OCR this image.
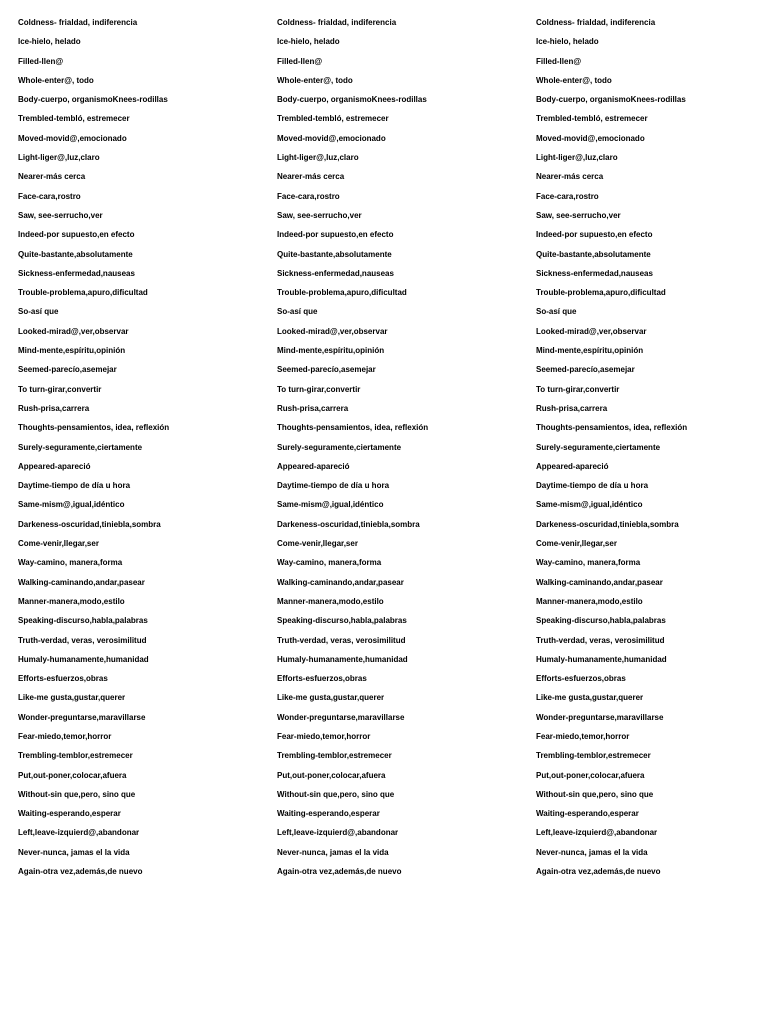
Coldness- frialdad, indiferencia
Ice-hielo, helado
Filled-llen@
Whole-enter@, todo
Body-cuerpo, organismoKnees-rodillas
Trembled-tembló, estremecer
Moved-movid@,emocionado
Light-liger@,luz,claro
Nearer-más cerca
Face-cara,rostro
Saw, see-serrucho,ver
Indeed-por supuesto,en efecto
Quite-bastante,absolutamente
Sickness-enfermedad,nauseas
Trouble-problema,apuro,dificultad
So-así que
Looked-mirad@,ver,observar
Mind-mente,espíritu,opinión
Seemed-parecío,asemejar
To turn-girar,convertir
Rush-prisa,carrera
Thoughts-pensamientos, idea, reflexión
Surely-seguramente,ciertamente
Appeared-apareció
Daytime-tiempo de día u hora
Same-mism@,igual,idéntico
Darkeness-oscuridad,tiniebla,sombra
Come-venir,llegar,ser
Way-camino, manera,forma
Walking-caminando,andar,pasear
Manner-manera,modo,estilo
Speaking-discurso,habla,palabras
Truth-verdad, veras, verosimilitud
Humaly-humanamente,humanidad
Efforts-esfuerzos,obras
Like-me gusta,gustar,querer
Wonder-preguntarse,maravillarse
Fear-miedo,temor,horror
Trembling-temblor,estremecer
Put,out-poner,colocar,afuera
Without-sin que,pero, sino que
Waiting-esperando,esperar
Left,leave-izquierd@,abandonar
Never-nunca, jamas el la vida
Again-otra vez,además,de nuevo
Coldness- frialdad, indiferencia
Ice-hielo, helado
Filled-llen@
Whole-enter@, todo
Body-cuerpo, organismoKnees-rodillas
Trembled-tembló, estremecer
Moved-movid@,emocionado
Light-liger@,luz,claro
Nearer-más cerca
Face-cara,rostro
Saw, see-serrucho,ver
Indeed-por supuesto,en efecto
Quite-bastante,absolutamente
Sickness-enfermedad,nauseas
Trouble-problema,apuro,dificultad
So-así que
Looked-mirad@,ver,observar
Mind-mente,espíritu,opinión
Seemed-parecío,asemejar
To turn-girar,convertir
Rush-prisa,carrera
Thoughts-pensamientos, idea, reflexión
Surely-seguramente,ciertamente
Appeared-apareció
Daytime-tiempo de día u hora
Same-mism@,igual,idéntico
Darkeness-oscuridad,tiniebla,sombra
Come-venir,llegar,ser
Way-camino, manera,forma
Walking-caminando,andar,pasear
Manner-manera,modo,estilo
Speaking-discurso,habla,palabras
Truth-verdad, veras, verosimilitud
Humaly-humanamente,humanidad
Efforts-esfuerzos,obras
Like-me gusta,gustar,querer
Wonder-preguntarse,maravillarse
Fear-miedo,temor,horror
Trembling-temblor,estremecer
Put,out-poner,colocar,afuera
Without-sin que,pero, sino que
Waiting-esperando,esperar
Left,leave-izquierd@,abandonar
Never-nunca, jamas el la vida
Again-otra vez,además,de nuevo
Coldness- frialdad, indiferencia
Ice-hielo, helado
Filled-llen@
Whole-enter@, todo
Body-cuerpo, organismoKnees-rodillas
Trembled-tembló, estremecer
Moved-movid@,emocionado
Light-liger@,luz,claro
Nearer-más cerca
Face-cara,rostro
Saw, see-serrucho,ver
Indeed-por supuesto,en efecto
Quite-bastante,absolutamente
Sickness-enfermedad,nauseas
Trouble-problema,apuro,dificultad
So-así que
Looked-mirad@,ver,observar
Mind-mente,espíritu,opinión
Seemed-parecío,asemejar
To turn-girar,convertir
Rush-prisa,carrera
Thoughts-pensamientos, idea, reflexión
Surely-seguramente,ciertamente
Appeared-apareció
Daytime-tiempo de día u hora
Same-mism@,igual,idéntico
Darkeness-oscuridad,tiniebla,sombra
Come-venir,llegar,ser
Way-camino, manera,forma
Walking-caminando,andar,pasear
Manner-manera,modo,estilo
Speaking-discurso,habla,palabras
Truth-verdad, veras, verosimilitud
Humaly-humanamente,humanidad
Efforts-esfuerzos,obras
Like-me gusta,gustar,querer
Wonder-preguntarse,maravillarse
Fear-miedo,temor,horror
Trembling-temblor,estremecer
Put,out-poner,colocar,afuera
Without-sin que,pero, sino que
Waiting-esperando,esperar
Left,leave-izquierd@,abandonar
Never-nunca, jamas el la vida
Again-otra vez,además,de nuevo
